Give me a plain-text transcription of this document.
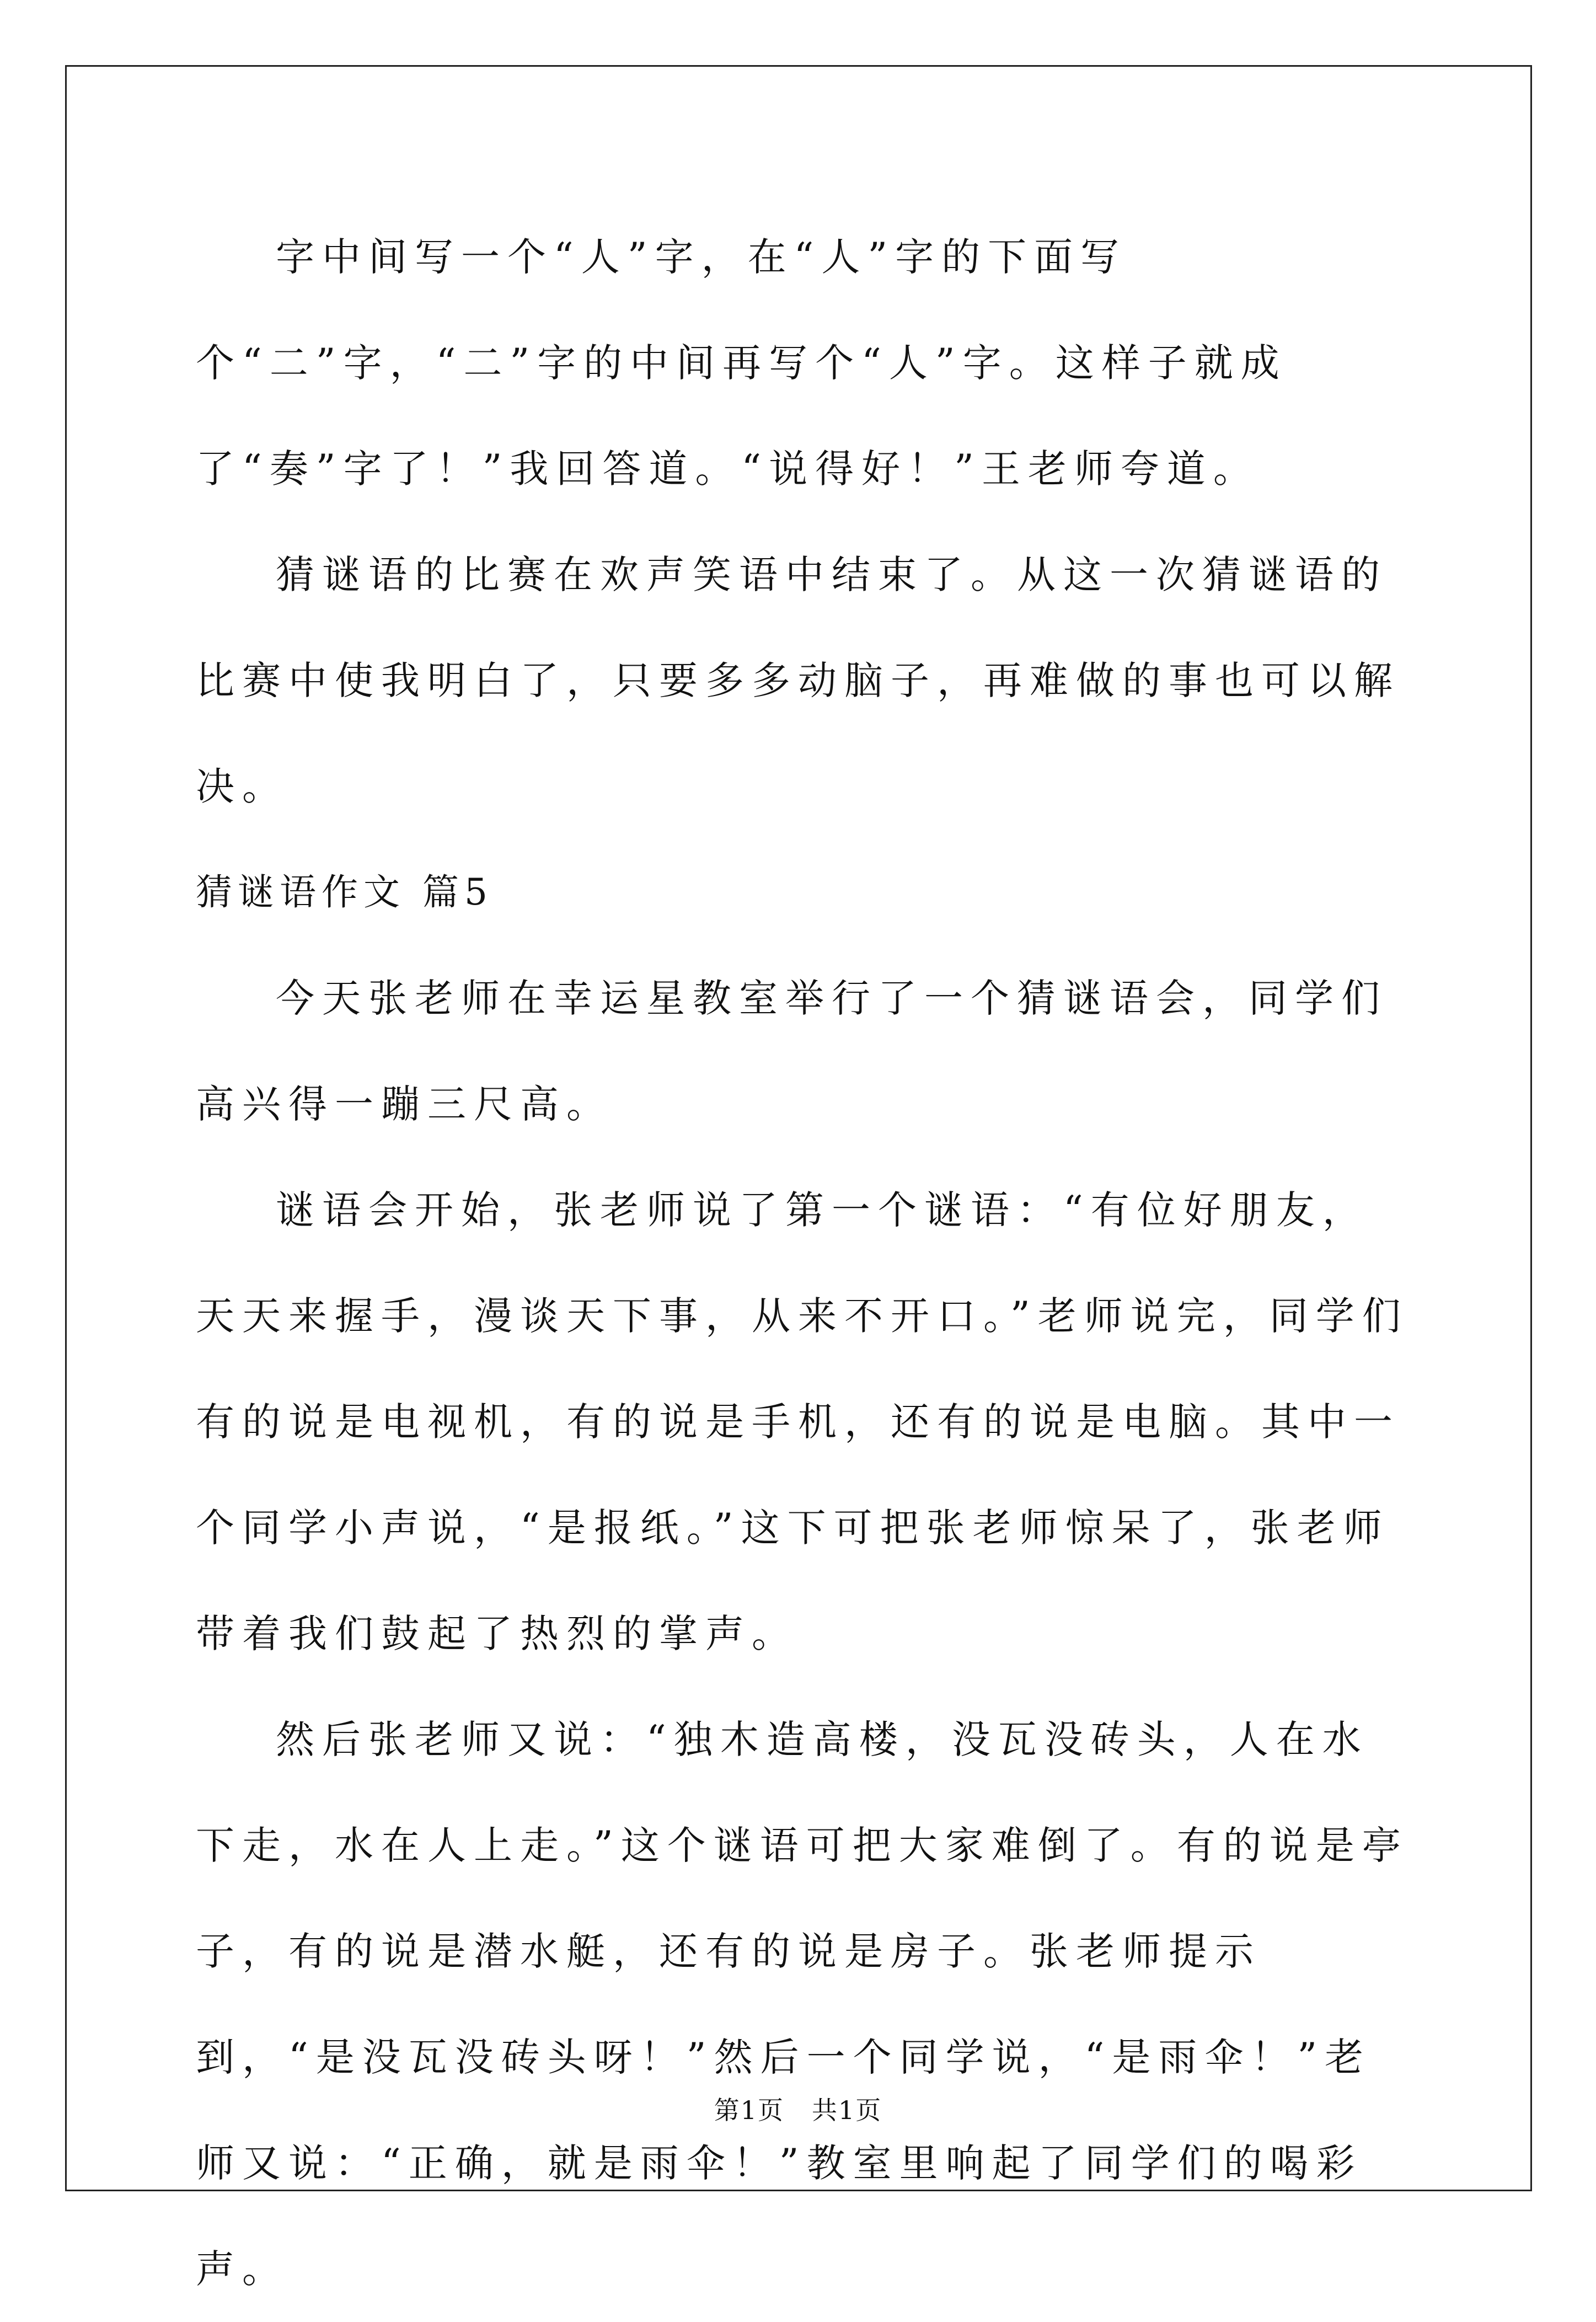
字中间写一个“人”字，在“人”字的下面写个“二”字，“二”字的中间再写个“人”字。这样子就成了“奏”字了！”我回答道。“说得好！”王老师夸道。

猜谜语的比赛在欢声笑语中结束了。从这一次猜谜语的比赛中使我明白了，只要多多动脑子，再难做的事也可以解决。

猜谜语作文 篇5

今天张老师在幸运星教室举行了一个猜谜语会，同学们高兴得一蹦三尺高。

谜语会开始，张老师说了第一个谜语：“有位好朋友，天天来握手，漫谈天下事，从来不开口。”老师说完，同学们有的说是电视机，有的说是手机，还有的说是电脑。其中一个同学小声说，“是报纸。”这下可把张老师惊呆了，张老师带着我们鼓起了热烈的掌声。

然后张老师又说：“独木造高楼，没瓦没砖头，人在水下走，水在人上走。”这个谜语可把大家难倒了。有的说是亭子，有的说是潜水艇，还有的说是房子。张老师提示到，“是没瓦没砖头呀！”然后一个同学说，“是雨伞！”老师又说：“正确，就是雨伞！”教室里响起了同学们的喝彩声。

第1页 共1页
